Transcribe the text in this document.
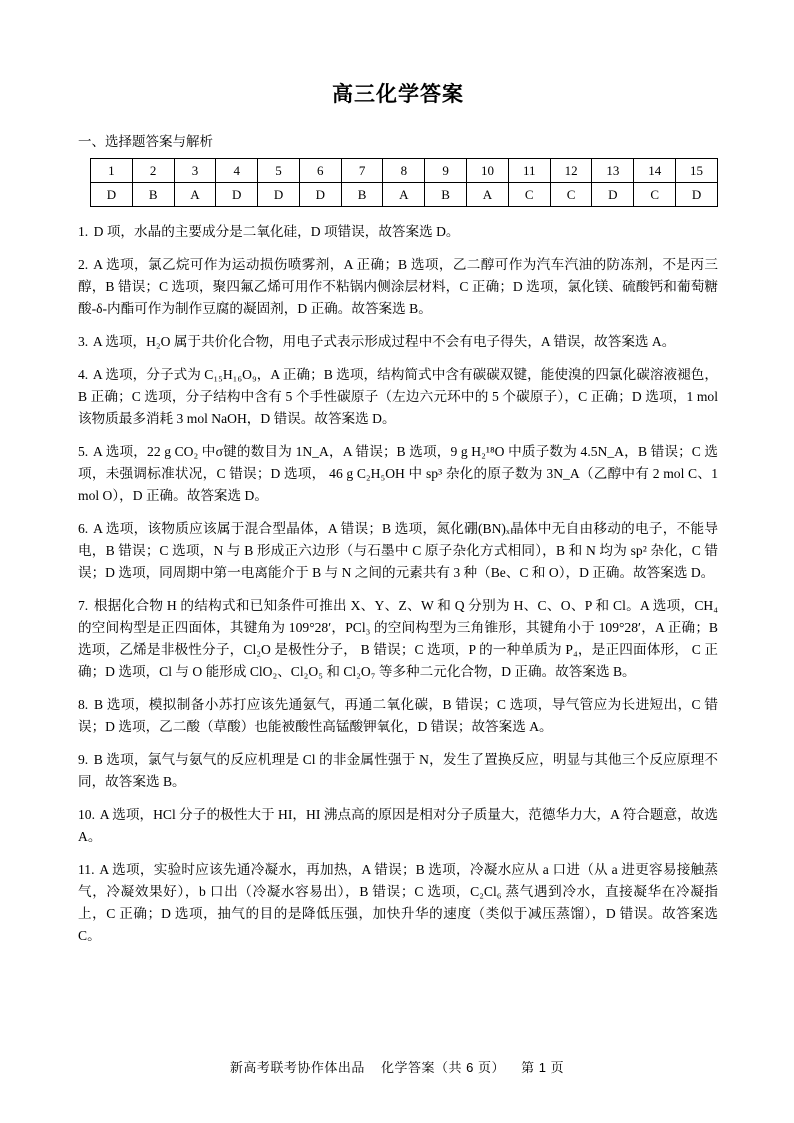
高三化学答案
一、选择题答案与解析
1	2	3	4	5	6	7	8	9	10	11	12	13	14	15
D	B	A	D	D	D	B	A	B	A	C	C	D	C	D

1. D 项，水晶的主要成分是二氧化硅，D 项错误，故答案选 D。

2. A 选项，氯乙烷可作为运动损伤喷雾剂，A 正确；B 选项，乙二醇可作为汽车汽油的防冻剂，不是丙三醇，B 错误；C 选项，聚四氟乙烯可用作不粘锅内侧涂层材料，C 正确；D 选项，氯化镁、硫酸钙和葡萄糖酸-δ-内酯可作为制作豆腐的凝固剂，D 正确。故答案选 B。

3. A 选项，H₂O 属于共价化合物，用电子式表示形成过程中不会有电子得失，A 错误，故答案选 A。

4. A 选项，分子式为 C₁₅H₁₆O₉，A 正确；B 选项，结构简式中含有碳碳双键，能使溴的四氯化碳溶液褪色，B 正确；C 选项，分子结构中含有 5 个手性碳原子（左边六元环中的 5 个碳原子），C 正确；D 选项，1 mol 该物质最多消耗 3 mol NaOH，D 错误。故答案选 D。

5. A 选项，22 g CO₂ 中σ键的数目为 1N_A，A 错误；B 选项，9 g H₂¹⁸O 中质子数为 4.5N_A，B 错误；C 选项，未强调标准状况，C 错误；D 选项， 46 g C₂H₅OH 中 sp³ 杂化的原子数为 3N_A（乙醇中有 2 mol C、1 mol O），D 正确。故答案选 D。

6. A 选项，该物质应该属于混合型晶体，A 错误；B 选项，氮化硼(BN)ₓ晶体中无自由移动的电子，不能导电，B 错误；C 选项，N 与 B 形成正六边形（与石墨中 C 原子杂化方式相同），B 和 N 均为 sp² 杂化，C 错误；D 选项，同周期中第一电离能介于 B 与 N 之间的元素共有 3 种（Be、C 和 O），D 正确。故答案选 D。

7. 根据化合物 H 的结构式和已知条件可推出 X、Y、Z、W 和 Q 分别为 H、C、O、P 和 Cl。A 选项，CH₄ 的空间构型是正四面体，其键角为 109°28′，PCl₃ 的空间构型为三角锥形，其键角小于 109°28′，A 正确；B 选项，乙烯是非极性分子，Cl₂O 是极性分子， B 错误；C 选项，P 的一种单质为 P₄，是正四面体形， C 正确；D 选项，Cl 与 O 能形成 ClO₂、Cl₂O₅ 和 Cl₂O₇ 等多种二元化合物，D 正确。故答案选 B。

8. B 选项，模拟制备小苏打应该先通氨气，再通二氧化碳，B 错误；C 选项，导气管应为长进短出，C 错误；D 选项，乙二酸（草酸）也能被酸性高锰酸钾氧化，D 错误；故答案选 A。

9. B 选项，氯气与氨气的反应机理是 Cl 的非金属性强于 N，发生了置换反应，明显与其他三个反应原理不同，故答案选 B。

10. A 选项，HCl 分子的极性大于 HI，HI 沸点高的原因是相对分子质量大，范德华力大，A 符合题意，故选 A。

11. A 选项，实验时应该先通冷凝水，再加热，A 错误；B 选项，冷凝水应从 a 口进（从 a 进更容易接触蒸气，冷凝效果好），b 口出（冷凝水容易出），B 错误；C 选项，C₂Cl₆ 蒸气遇到冷水，直接凝华在冷凝指上，C 正确；D 选项，抽气的目的是降低压强，加快升华的速度（类似于减压蒸馏），D 错误。故答案选 C。

新高考联考协作体出品 化学答案（共 6 页） 第 1 页
